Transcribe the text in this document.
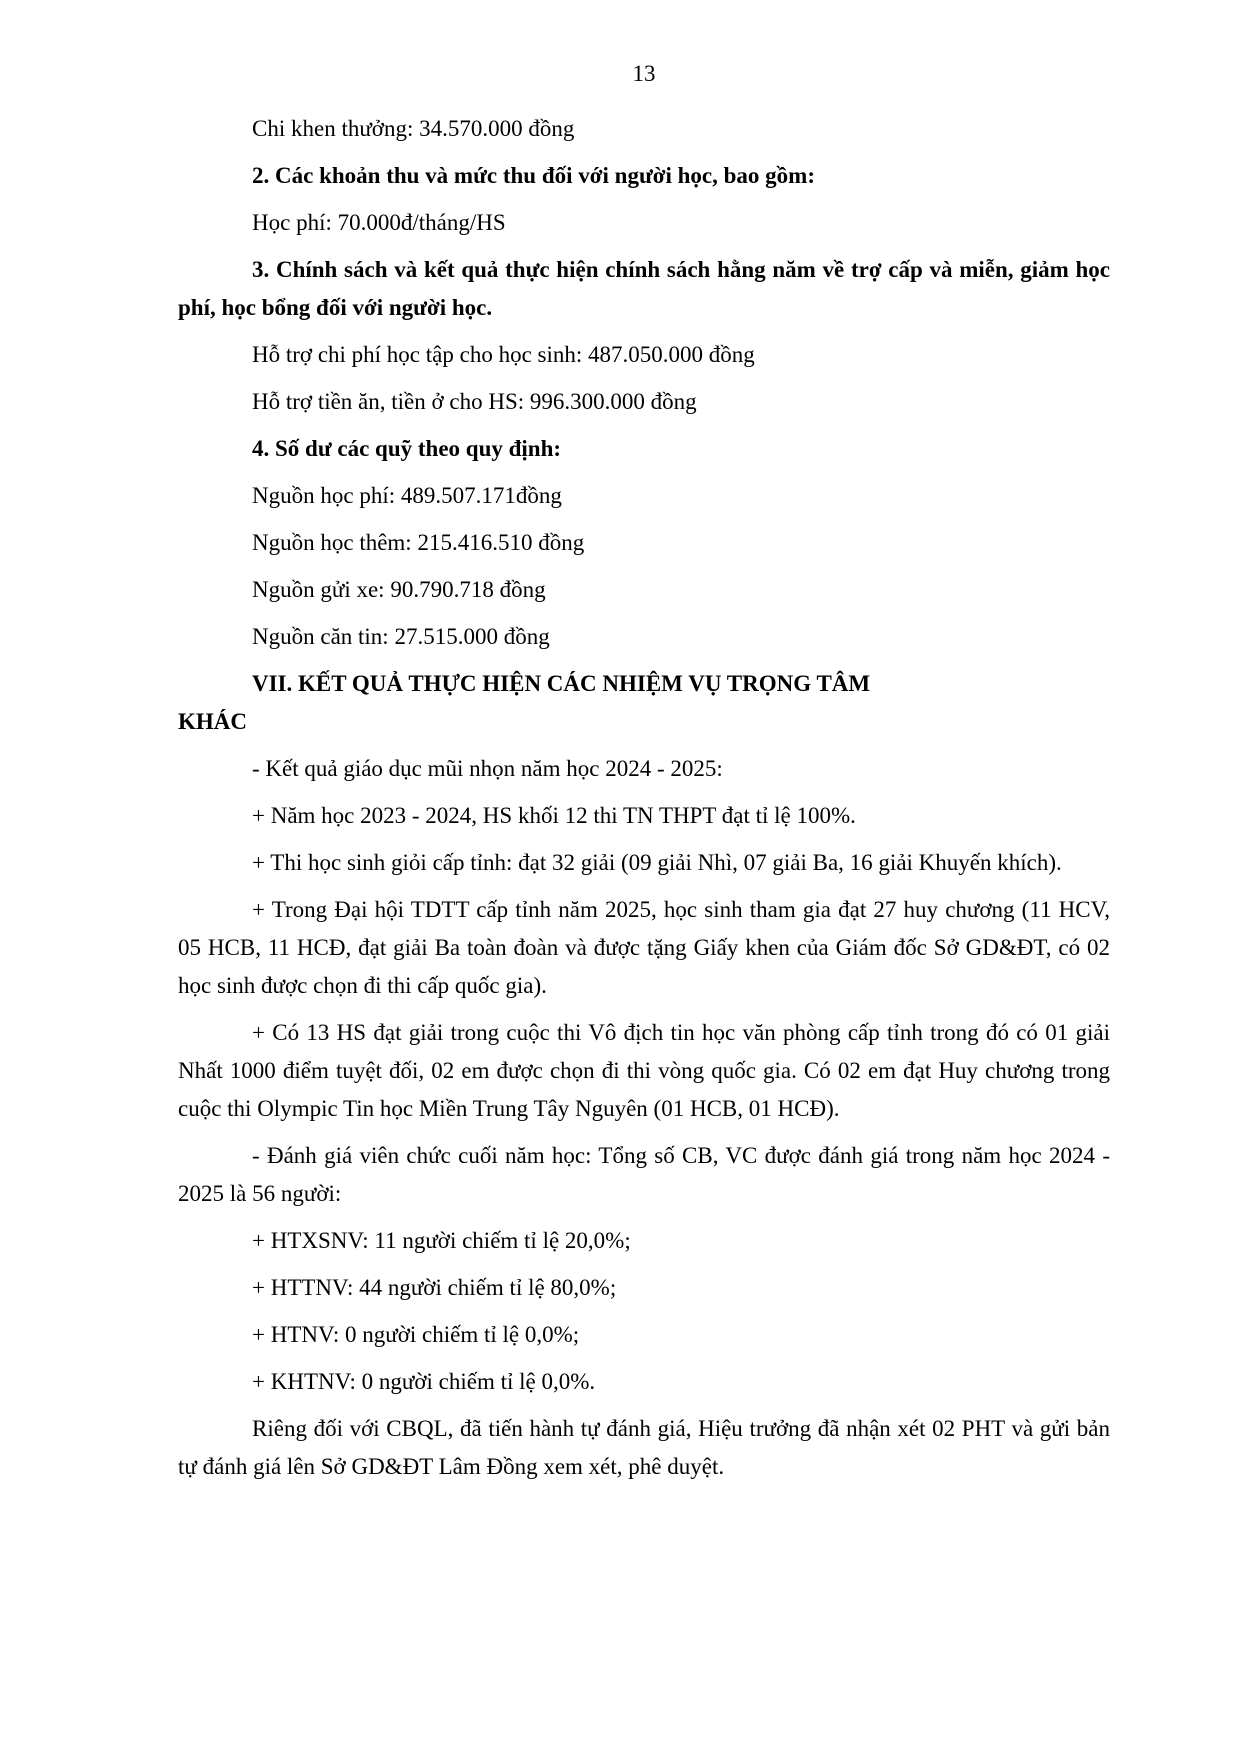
13

Chi khen thưởng: 34.570.000 đồng

2. Các khoản thu và mức thu đối với người học, bao gồm:

Học phí: 70.000đ/tháng/HS

3. Chính sách và kết quả thực hiện chính sách hằng năm về trợ cấp và miễn, giảm học phí, học bổng đối với người học.

Hỗ trợ chi phí học tập cho học sinh: 487.050.000 đồng

Hỗ trợ tiền ăn, tiền ở cho HS: 996.300.000 đồng

4. Số dư các quỹ theo quy định:

Nguồn học phí: 489.507.171đồng

Nguồn học thêm: 215.416.510 đồng

Nguồn gửi xe: 90.790.718 đồng

Nguồn căn tin: 27.515.000 đồng

VII. KẾT QUẢ THỰC HIỆN CÁC NHIỆM VỤ TRỌNG TÂM
KHÁC

- Kết quả giáo dục mũi nhọn năm học 2024 - 2025:

+ Năm học 2023 - 2024, HS khối 12 thi TN THPT đạt tỉ lệ 100%.

+ Thi học sinh giỏi cấp tỉnh: đạt 32 giải (09 giải Nhì, 07 giải Ba, 16 giải Khuyến khích).

+ Trong Đại hội TDTT cấp tỉnh năm 2025, học sinh tham gia đạt 27 huy chương (11 HCV, 05 HCB, 11 HCĐ, đạt giải Ba toàn đoàn và được tặng Giấy khen của Giám đốc Sở GD&ĐT, có 02 học sinh được chọn đi thi cấp quốc gia).

+ Có 13 HS đạt giải trong cuộc thi Vô địch tin học văn phòng cấp tỉnh trong đó có 01 giải Nhất 1000 điểm tuyệt đối, 02 em được chọn đi thi vòng quốc gia. Có 02 em đạt Huy chương trong cuộc thi Olympic Tin học Miền Trung Tây Nguyên (01 HCB, 01 HCĐ).

- Đánh giá viên chức cuối năm học: Tổng số CB, VC được đánh giá trong năm học 2024 - 2025 là 56 người:

+ HTXSNV: 11 người chiếm tỉ lệ 20,0%;

+ HTTNV: 44 người chiếm tỉ lệ 80,0%;

+ HTNV: 0 người chiếm tỉ lệ 0,0%;

+ KHTNV: 0 người chiếm tỉ lệ 0,0%.

Riêng đối với CBQL, đã tiến hành tự đánh giá, Hiệu trưởng đã nhận xét 02 PHT và gửi bản tự đánh giá lên Sở GD&ĐT Lâm Đồng xem xét, phê duyệt.
